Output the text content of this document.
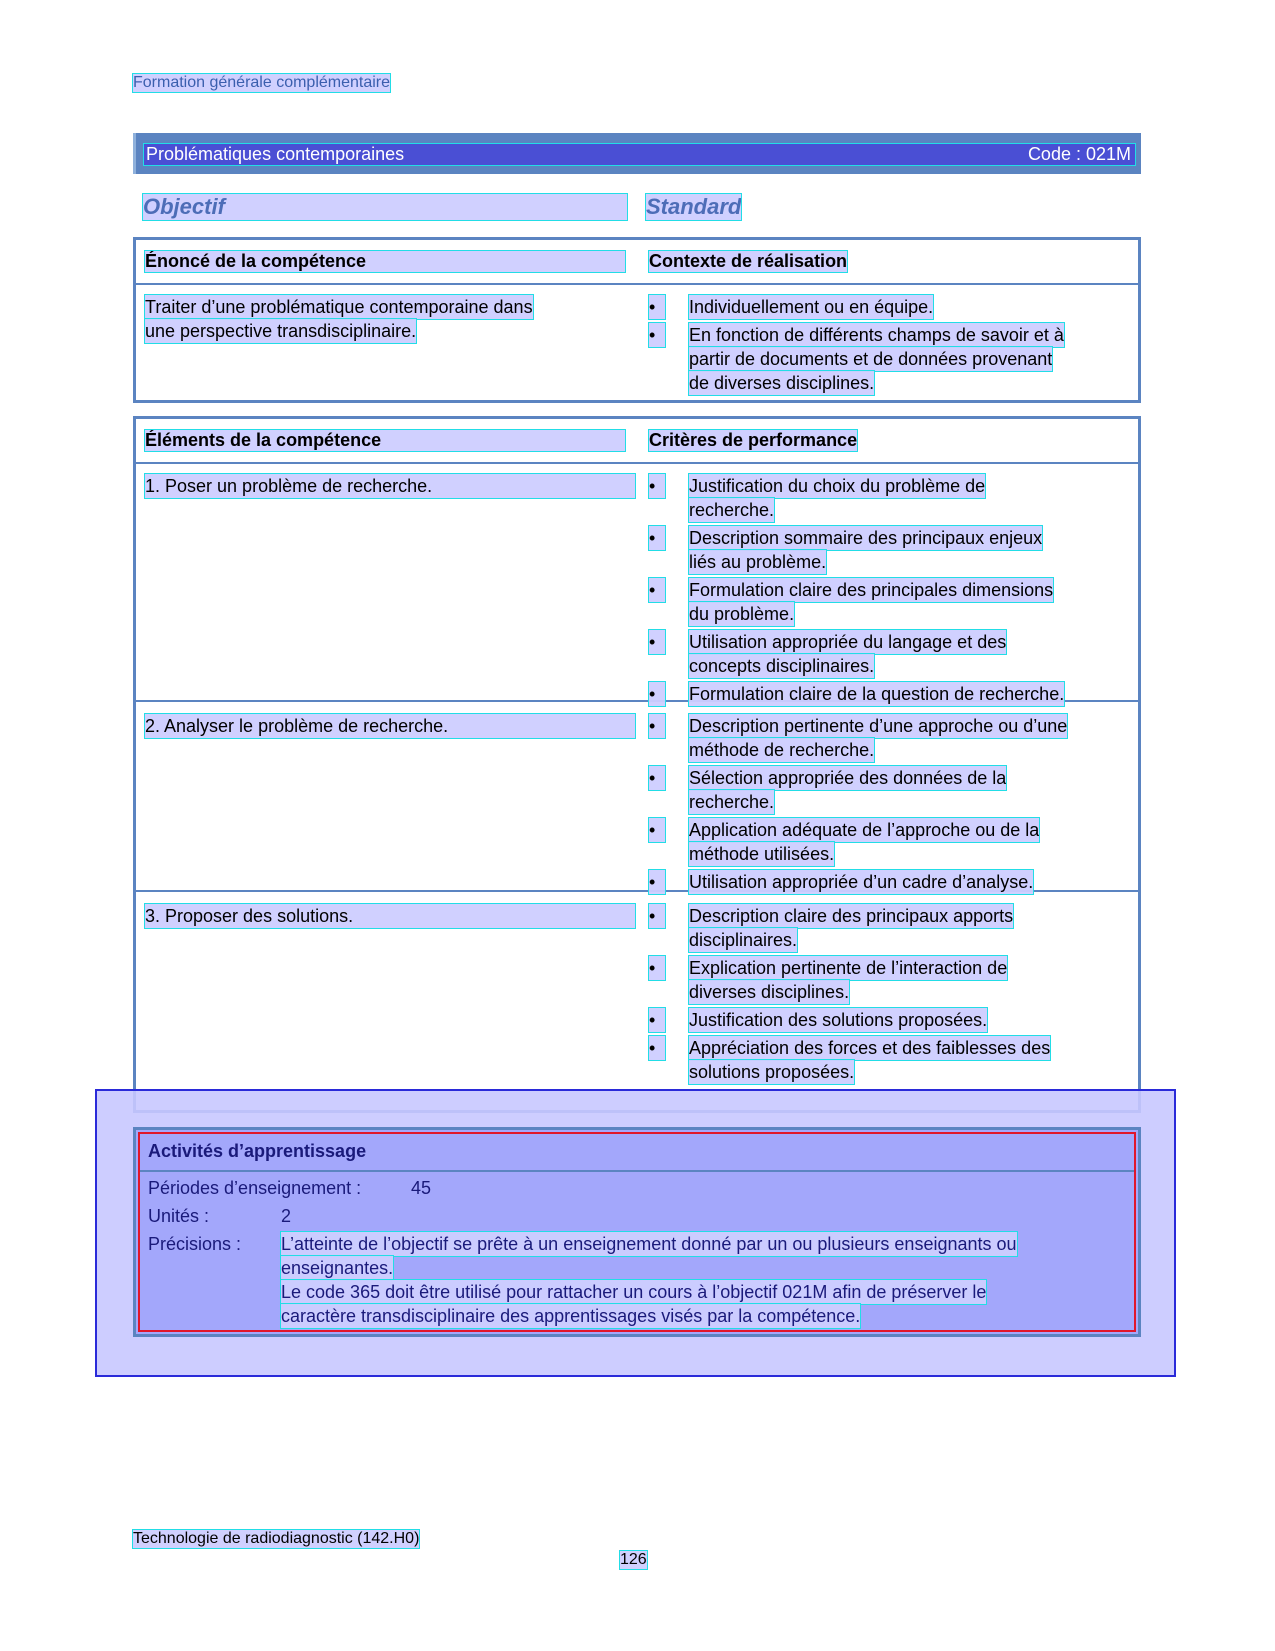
Formation générale complémentaire
Problématiques contemporaines	Code : 021M
Objectif	Standard
Énoncé de la compétence	Contexte de réalisation
Traiter d’une problématique contemporaine dans
une perspective transdisciplinaire.
•	Individuellement ou en équipe.
•	En fonction de différents champs de savoir et à
partir de documents et de données provenant
de diverses disciplines.
Éléments de la compétence	Critères de performance
1. Poser un problème de recherche.	•	Justification du choix du problème de
recherche.
•	Description sommaire des principaux enjeux
liés au problème.
•	Formulation claire des principales dimensions
du problème.
•	Utilisation appropriée du langage et des
concepts disciplinaires.
•	Formulation claire de la question de recherche.
2. Analyser le problème de recherche.	•	Description pertinente d’une approche ou d’une
méthode de recherche.
•	Sélection appropriée des données de la
recherche.
•	Application adéquate de l’approche ou de la
méthode utilisées.
•	Utilisation appropriée d’un cadre d’analyse.
3. Proposer des solutions.	•	Description claire des principaux apports
disciplinaires.
•	Explication pertinente de l’interaction de
diverses disciplines.
•	Justification des solutions proposées.
•	Appréciation des forces et des faiblesses des
solutions proposées.
Activités d’apprentissage
Périodes d’enseignement :	45
Unités :	2
Précisions : L’atteinte de l’objectif se prête à un enseignement donné par un ou plusieurs enseignants ou
enseignantes.
Le code 365 doit être utilisé pour rattacher un cours à l’objectif 021M afin de préserver le
caractère transdisciplinaire des apprentissages visés par la compétence.
Technologie de radiodiagnostic (142.H0)
126
